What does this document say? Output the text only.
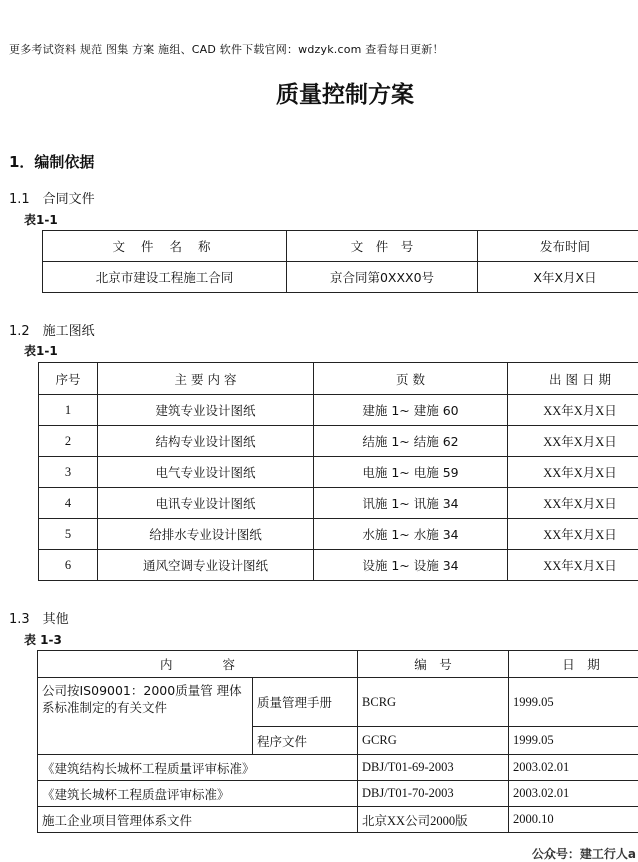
更多考试资料 规范 图集 方案 施组、CAD 软件下载官网：wdzyk.com 查看每日更新！
质量控制方案
1．编制依据
1.1　合同文件
表1-1
文 件 名 称	文　件　号	发布时间
北京市建设工程施工合同	京合同第0XXX0号	X年X月X日
1.2　施工图纸
表1-1
序号	主 要 内 容	页 数	出 图 日 期
1	建筑专业设计图纸	建施 1~ 建施 60	XX年X月X日
2	结构专业设计图纸	结施 1~ 结施 62	XX年X月X日
3	电气专业设计图纸	电施 1~ 电施 59	XX年X月X日
4	电讯专业设计图纸	讯施 1~ 讯施 34	XX年X月X日
5	给排水专业设计图纸	水施 1~ 水施 34	XX年X月X日
6	通风空调专业设计图纸	设施 1~ 设施 34	XX年X月X日
1.3　其他
表 1-3
内　　　　容		编　号	日　期
公司按IS09001：2000质量管 理体系标准制定的有关文件	质量管理手册	BCRG	1999.05
	程序文件	GCRG	1999.05
《建筑结构长城杯工程质量评审标准》		DBJ/T01-69-2003	2003.02.01
《建筑长城杯工程质盘评审标准》		DBJ/T01-70-2003	2003.02.01
施工企业项目管理体系文件		北京XX公司2000版	2000.10
公众号：建工行人a
